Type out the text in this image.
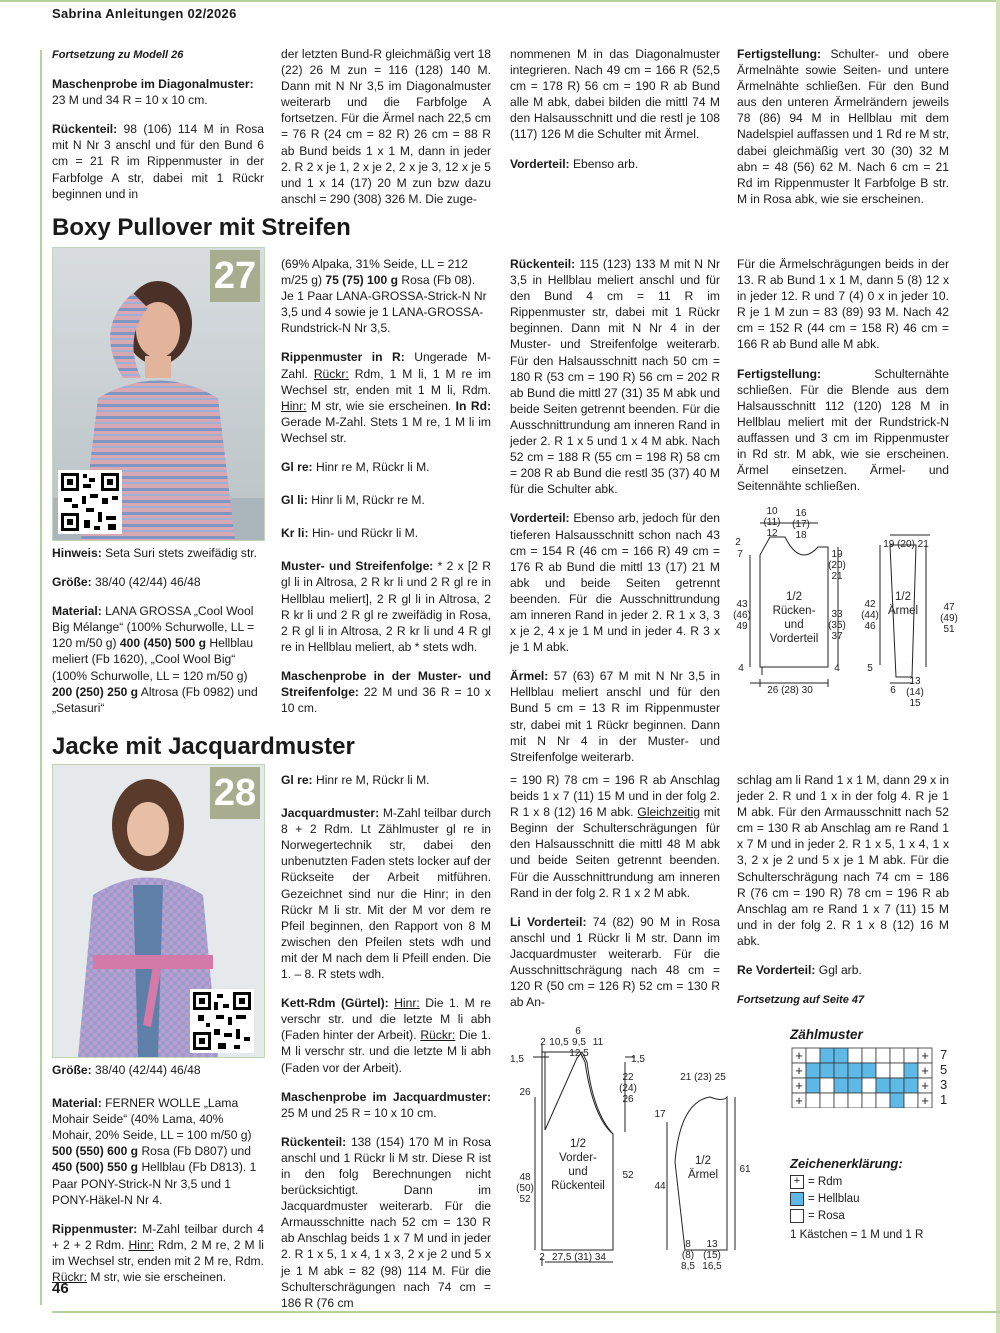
Sabrina Anleitungen 02/2026

Fortsetzung zu Modell 26

Maschenprobe im Diagonalmuster:
23 M und 34 R = 10 x 10 cm.

Rückenteil: 98 (106) 114 M in Rosa mit N Nr 3 anschl und für den Bund 6 cm = 21 R im Rippenmuster in der Farbfolge A str, dabei mit 1 Rückr beginnen und in

der letzten Bund-R gleichmäßig vert 18 (22) 26 M zun = 116 (128) 140 M. Dann mit N Nr 3,5 im Diagonalmuster weiterarb und die Farbfolge A fortsetzen. Für die Ärmel nach 22,5 cm = 76 R (24 cm = 82 R) 26 cm = 88 R ab Bund beids 1 x 1 M, dann in jeder 2. R 2 x je 1, 2 x je 2, 2 x je 3, 12 x je 5 und 1 x 14 (17) 20 M zun bzw dazu anschl = 290 (308) 326 M. Die zuge-

nommenen M in das Diagonalmuster integrieren. Nach 49 cm = 166 R (52,5 cm = 178 R) 56 cm = 190 R ab Bund alle M abk, dabei bilden die mittl 74 M den Halsausschnitt und die restl je 108 (117) 126 M die Schulter mit Ärmel.

Vorderteil: Ebenso arb.

Fertigstellung: Schulter- und obere Ärmelnähte sowie Seiten- und untere Ärmelnähte schließen. Für den Bund aus den unteren Ärmelrändern jeweils 78 (86) 94 M in Hellblau mit dem Nadelspiel auffassen und 1 Rd re M str, dabei gleichmäßig vert 30 (30) 32 M abn = 48 (56) 62 M. Nach 6 cm = 21 Rd im Rippenmuster lt Farbfolge B str. M in Rosa abk, wie sie erscheinen.

Boxy Pullover mit Streifen
27

Hinweis: Seta Suri stets zweifädig str.

Größe: 38/40 (42/44) 46/48

Material: LANA GROSSA „Cool Wool Big Mélange“ (100% Schurwolle, LL = 120 m/50 g) 400 (450) 500 g Hellblau meliert (Fb 1620), „Cool Wool Big“ (100% Schurwolle, LL = 120 m/50 g) 200 (250) 250 g Altrosa (Fb 0982) und „Setasuri“

(69% Alpaka, 31% Seide, LL = 212 m/25 g) 75 (75) 100 g Rosa (Fb 08). Je 1 Paar LANA-GROSSA-Strick-N Nr 3,5 und 4 sowie je 1 LANA-GROSSA-Rundstrick-N Nr 3,5.

Rippenmuster in R: Ungerade M-Zahl. Rückr: Rdm, 1 M li, 1 M re im Wechsel str, enden mit 1 M li, Rdm. Hinr: M str, wie sie erscheinen. In Rd: Gerade M-Zahl. Stets 1 M re, 1 M li im Wechsel str.

Gl re: Hinr re M, Rückr li M.

Gl li: Hinr li M, Rückr re M.

Kr li: Hin- und Rückr li M.

Muster- und Streifenfolge: * 2 x [2 R gl li in Altrosa, 2 R kr li und 2 R gl re in Hellblau meliert], 2 R gl li in Altrosa, 2 R kr li und 2 R gl re zweifädig in Rosa, 2 R gl li in Altrosa, 2 R kr li und 4 R gl re in Hellblau meliert, ab * stets wdh.

Maschenprobe in der Muster- und Streifenfolge: 22 M und 36 R = 10 x 10 cm.

Rückenteil: 115 (123) 133 M mit N Nr 3,5 in Hellblau meliert anschl und für den Bund 4 cm = 11 R im Rippenmuster str, dabei mit 1 Rückr beginnen. Dann mit N Nr 4 in der Muster- und Streifenfolge weiterarb. Für den Halsausschnitt nach 50 cm = 180 R (53 cm = 190 R) 56 cm = 202 R ab Bund die mittl 27 (31) 35 M abk und beide Seiten getrennt beenden. Für die Ausschnittrundung am inneren Rand in jeder 2. R 1 x 5 und 1 x 4 M abk. Nach 52 cm = 188 R (55 cm = 198 R) 58 cm = 208 R ab Bund die restl 35 (37) 40 M für die Schulter abk.

Vorderteil: Ebenso arb, jedoch für den tieferen Halsausschnitt schon nach 43 cm = 154 R (46 cm = 166 R) 49 cm = 176 R ab Bund die mittl 13 (17) 21 M abk und beide Seiten getrennt beenden. Für die Ausschnittrundung am inneren Rand in jeder 2. R 1 x 3, 3 x je 2, 4 x je 1 M und in jeder 4. R 3 x je 1 M abk.

Ärmel: 57 (63) 67 M mit N Nr 3,5 in Hellblau meliert anschl und für den Bund 5 cm = 13 R im Rippenmuster str, dabei mit 1 Rückr beginnen. Dann mit N Nr 4 in der Muster- und Streifenfolge weiterarb.

Für die Ärmelschrägungen beids in der 13. R ab Bund 1 x 1 M, dann 5 (8) 12 x in jeder 12. R und 7 (4) 0 x in jeder 10. R je 1 M zun = 83 (89) 93 M. Nach 42 cm = 152 R (44 cm = 158 R) 46 cm = 166 R ab Bund alle M abk.

Fertigstellung:	Schulternähte schließen. Für die Blende aus dem Halsausschnitt 112 (120) 128 M in Hellblau meliert mit der Rundstrick-N auffassen und 3 cm im Rippenmuster in Rd str. M abk, wie sie erscheinen. Ärmel einsetzen. Ärmel- und Seitennähte schließen.

10
(11)
12
16
(17)
18
2
7
43
(46)
49
19
(20)
21
33
(35)
37
4	4
26 (28) 30
1/2
Rücken-
und
Vorderteil
19 (20) 21
42
(44)
46
47
(49)
51
5
6
13
(14)
15
1/2
Ärmel
Jacke mit Jacquardmuster
28

Größe: 38/40 (42/44) 46/48

Material: FERNER WOLLE „Lama Mohair Seide“ (40% Lama, 40% Mohair, 20% Seide, LL = 100 m/50 g) 500 (550) 600 g Rosa (Fb D807) und 450 (500) 550 g Hellblau (Fb D813). 1 Paar PONY-Strick-N Nr 3,5 und 1 PONY-Häkel-N Nr 4.

Rippenmuster: M-Zahl teilbar durch 4 + 2 + 2 Rdm. Hinr: Rdm, 2 M re, 2 M li im Wechsel str, enden mit 2 M re, Rdm. Rückr: M str, wie sie erscheinen.

Gl re: Hinr re M, Rückr li M.

Jacquardmuster: M-Zahl teilbar durch 8 + 2 Rdm. Lt Zählmuster gl re in Norwegertechnik str, dabei den unbenutzten Faden stets locker auf der Rückseite der Arbeit mitführen. Gezeichnet sind nur die Hinr; in den Rückr M li str. Mit der M vor dem re Pfeil beginnen, den Rapport von 8 M zwischen den Pfeilen stets wdh und mit der M nach dem li Pfeill enden. Die 1. – 8. R stets wdh.

Kett-Rdm (Gürtel): Hinr: Die 1. M re verschr str. und die letzte M li abh (Faden hinter der Arbeit). Rückr: Die 1. M li verschr str. und die letzte M li abh (Faden vor der Arbeit).

Maschenprobe im Jacquardmuster: 25 M und 25 R = 10 x 10 cm.

Rückenteil: 138 (154) 170 M in Rosa anschl und 1 Rückr li M str. Diese R ist in den folg Berechnungen nicht berücksichtigt. Dann im Jacquardmuster weiterarb. Für die Armausschnitte nach 52 cm = 130 R ab Anschlag beids 1 x 7 M und in jeder 2. R 1 x 5, 1 x 4, 1 x 3, 2 x je 2 und 5 x je 1 M abk = 82 (98) 114 M. Für die Schulterschrägungen nach 74 cm = 186 R (76 cm

= 190 R) 78 cm = 196 R ab Anschlag beids 1 x 7 (11) 15 M und in der folg 2. R 1 x 8 (12) 16 M abk. Gleichzeitig mit Beginn der Schulterschrägungen für den Halsausschnitt die mittl 48 M abk und beide Seiten getrennt beenden. Für die Ausschnittrundung am inneren Rand in der folg 2. R 1 x 2 M abk.

Li Vorderteil: 74 (82) 90 M in Rosa anschl und 1 Rückr li M str. Dann im Jacquardmuster weiterarb. Für die Ausschnittschrägung nach 48 cm = 120 R (50 cm = 126 R) 52 cm = 130 R ab An-

schlag am li Rand 1 x 1 M, dann 29 x in jeder 2. R und 1 x in der folg 4. R je 1 M abk. Für den Armausschnitt nach 52 cm = 130 R ab Anschlag am re Rand 1 x 7 M und in jeder 2. R 1 x 5, 1 x 4, 1 x 3, 2 x je 2 und 5 x je 1 M abk. Für die Schulterschrägung nach 74 cm = 186 R (76 cm = 190 R) 78 cm = 196 R ab Anschlag am re Rand 1 x 7 (11) 15 M und in der folg 2. R 1 x 8 (12) 16 M abk.

Re Vorderteil: Ggl arb.

Fortsetzung auf Seite 47

2 10,5
6
9,5
12,5
11
1,5	1,5
26
48
(50)
52
22
(24)
26
52
2 27,5 (31) 34
1/2
Vorder-
und
Rückenteil
21 (23) 25
17
44
61
8
(8)
8,5
13
(15)
16,5
1/2
Ärmel
Zählmuster
+	+
+	+
+	+
+	+
7
5
3
1
Zeichenerklärung:
+ = Rdm
= Hellblau
= Rosa
1 Kästchen = 1 M und 1 R
46
